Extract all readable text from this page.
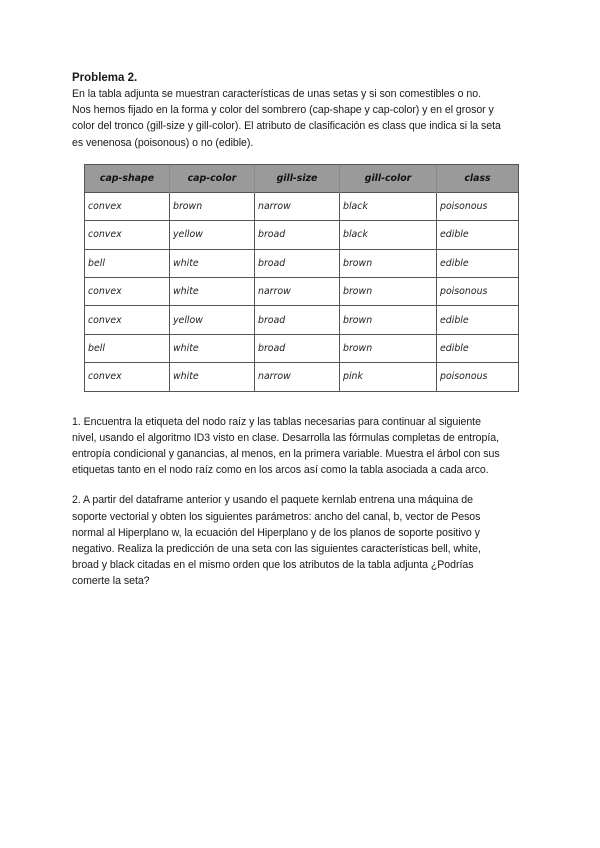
Problema 2.

En la tabla adjunta se muestran características de unas setas y si son comestibles o no.

Nos hemos fijado en la forma y color del sombrero (cap-shape y cap-color) y en el grosor y

color del tronco (gill-size y gill-color). El atributo de clasificación es class que indica si la seta

es venenosa (poisonous) o no (edible).

cap-shape	cap-color	gill-size	gill-color	class
convex	brown	narrow	black	poisonous
convex	yellow	broad	black	edible
bell	white	broad	brown	edible
convex	white	narrow	brown	poisonous
convex	yellow	broad	brown	edible
bell	white	broad	brown	edible
convex	white	narrow	pink	poisonous
1. Encuentra la etiqueta del nodo raíz y las tablas necesarias para continuar al siguiente
nivel, usando el algoritmo ID3 visto en clase. Desarrolla las fórmulas completas de entropía,
entropía condicional y ganancias, al menos, en la primera variable. Muestra el árbol con sus
etiquetas tanto en el nodo raíz como en los arcos así como la tabla asociada a cada arco.
2. A partir del dataframe anterior y usando el paquete kernlab entrena una máquina de
soporte vectorial y obten los siguientes parámetros: ancho del canal, b, vector de Pesos
normal al Hiperplano w, la ecuación del Hiperplano y de los planos de soporte positivo y
negativo. Realiza la predicción de una seta con las siguientes características bell, white,
broad y black citadas en el mismo orden que los atributos de la tabla adjunta ¿Podrías
comerte la seta?
